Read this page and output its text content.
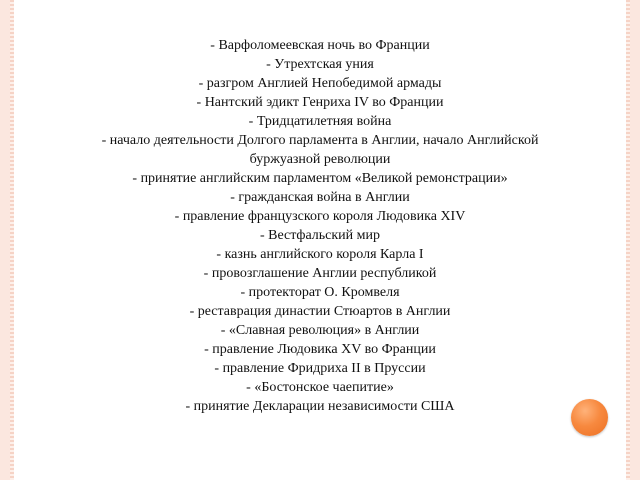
- Варфоломеевская ночь во Франции
- Утрехтская уния
- разгром Англией Непобедимой армады
- Нантский эдикт Генриха IV во Франции
- Тридцатилетняя война
- начало деятельности Долгого парламента в Англии, начало Английской
буржуазной революции
- принятие английским парламентом «Великой ремонстрации»
- гражданская война в Англии
- правление французского короля Людовика XIV
- Вестфальский мир
- казнь английского короля Карла I
- провозглашение Англии республикой
- протекторат О. Кромвеля
- реставрация династии Стюартов в Англии
- «Славная революция» в Англии
- правление Людовика XV во Франции
- правление Фридриха II в Пруссии
- «Бостонское чаепитие»
- принятие Декларации независимости США
